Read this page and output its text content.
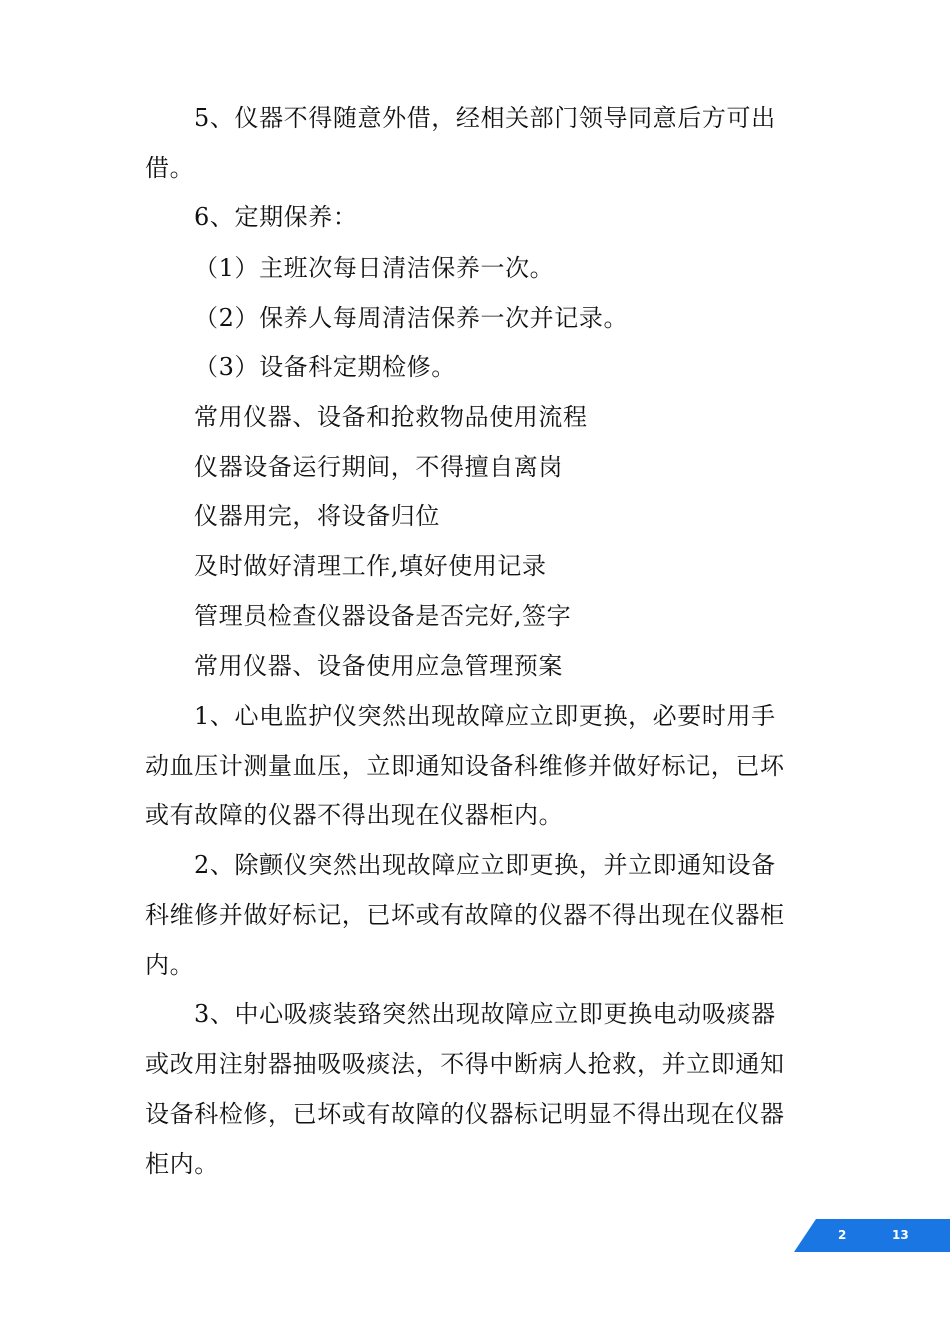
5、仪器不得随意外借，经相关部门领导同意后方可出
借。
6、定期保养：
（1）主班次每日清洁保养一次。
（2）保养人每周清洁保养一次并记录。
（3）设备科定期检修。
常用仪器、设备和抢救物品使用流程
仪器设备运行期间，不得擅自离岗
仪器用完，将设备归位
及时做好清理工作,填好使用记录
管理员检查仪器设备是否完好,签字
常用仪器、设备使用应急管理预案
1、心电监护仪突然出现故障应立即更换，必要时用手
动血压计测量血压，立即通知设备科维修并做好标记，已坏
或有故障的仪器不得出现在仪器柜内。
2、除颤仪突然出现故障应立即更换，并立即通知设备
科维修并做好标记，已坏或有故障的仪器不得出现在仪器柜
内。
3、中心吸痰装臵突然出现故障应立即更换电动吸痰器
或改用注射器抽吸吸痰法，不得中断病人抢救，并立即通知
设备科检修，已坏或有故障的仪器标记明显不得出现在仪器
柜内。
2	13
